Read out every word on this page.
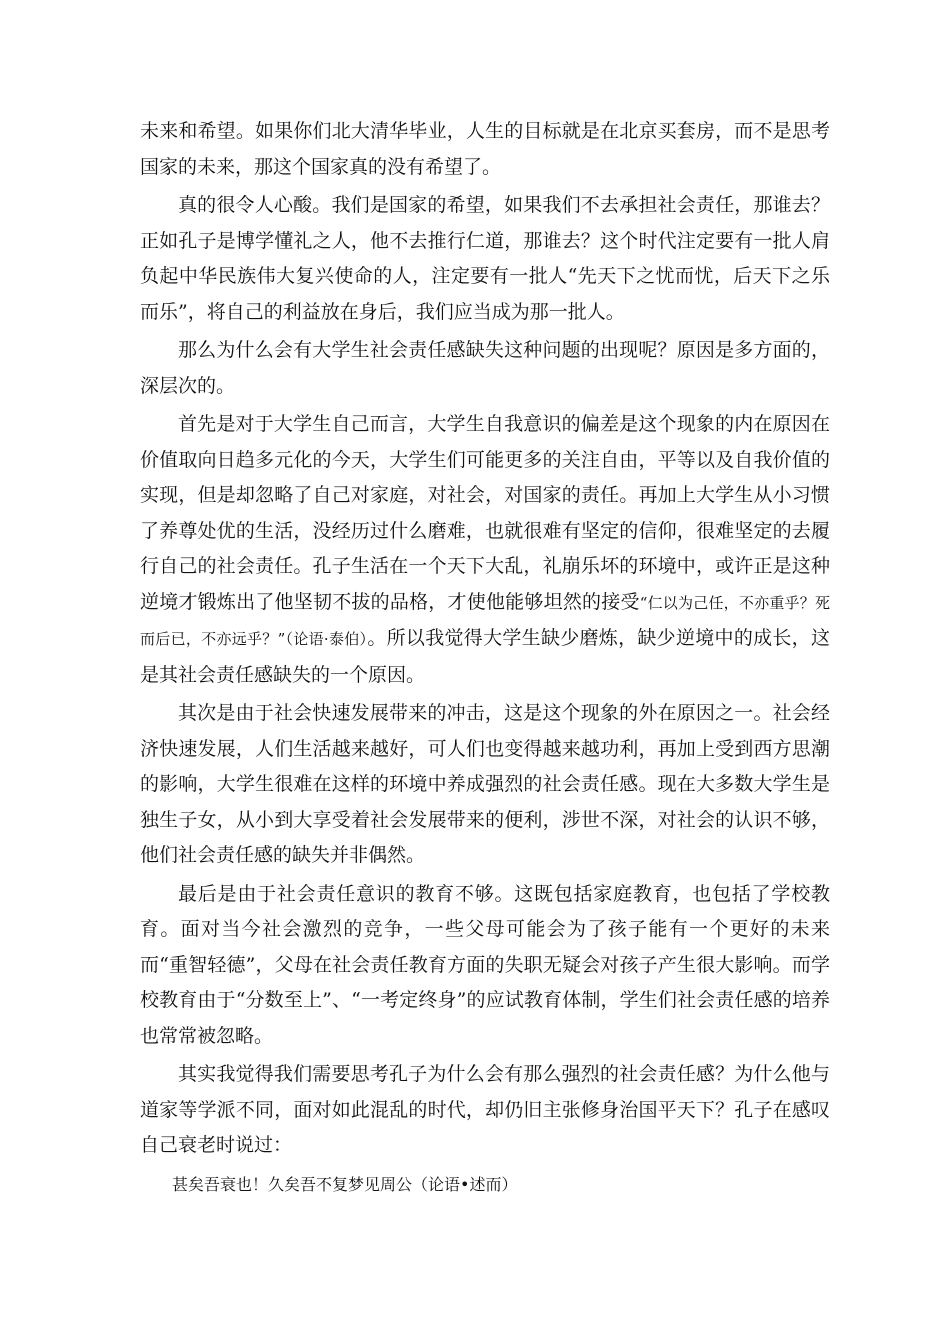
未来和希望。如果你们北大清华毕业，人生的目标就是在北京买套房，而不是思考国家的未来，那这个国家真的没有希望了。

真的很令人心酸。我们是国家的希望，如果我们不去承担社会责任，那谁去？正如孔子是博学懂礼之人，他不去推行仁道，那谁去？这个时代注定要有一批人肩负起中华民族伟大复兴使命的人，注定要有一批人“先天下之忧而忧，后天下之乐而乐”，将自己的利益放在身后，我们应当成为那一批人。

那么为什么会有大学生社会责任感缺失这种问题的出现呢？原因是多方面的，深层次的。

首先是对于大学生自己而言，大学生自我意识的偏差是这个现象的内在原因在价值取向日趋多元化的今天，大学生们可能更多的关注自由，平等以及自我价值的实现，但是却忽略了自己对家庭，对社会，对国家的责任。再加上大学生从小习惯了养尊处优的生活，没经历过什么磨难，也就很难有坚定的信仰，很难坚定的去履行自己的社会责任。孔子生活在一个天下大乱，礼崩乐坏的环境中，或许正是这种逆境才锻炼出了他坚韧不拔的品格，才使他能够坦然的接受“仁以为己任，不亦重乎？死而后已，不亦远乎？”（论语·泰伯）。所以我觉得大学生缺少磨炼，缺少逆境中的成长，这是其社会责任感缺失的一个原因。

其次是由于社会快速发展带来的冲击，这是这个现象的外在原因之一。社会经济快速发展，人们生活越来越好，可人们也变得越来越功利，再加上受到西方思潮的影响，大学生很难在这样的环境中养成强烈的社会责任感。现在大多数大学生是独生子女，从小到大享受着社会发展带来的便利，涉世不深，对社会的认识不够，他们社会责任感的缺失并非偶然。

最后是由于社会责任意识的教育不够。这既包括家庭教育，也包括了学校教育。面对当今社会激烈的竞争，一些父母可能会为了孩子能有一个更好的未来而“重智轻德”，父母在社会责任教育方面的失职无疑会对孩子产生很大影响。而学校教育由于“分数至上”、“一考定终身”的应试教育体制，学生们社会责任感的培养也常常被忽略。

其实我觉得我们需要思考孔子为什么会有那么强烈的社会责任感？为什么他与道家等学派不同，面对如此混乱的时代，却仍旧主张修身治国平天下？孔子在感叹自己衰老时说过：

甚矣吾衰也！久矣吾不复梦见周公（论语•述而）
